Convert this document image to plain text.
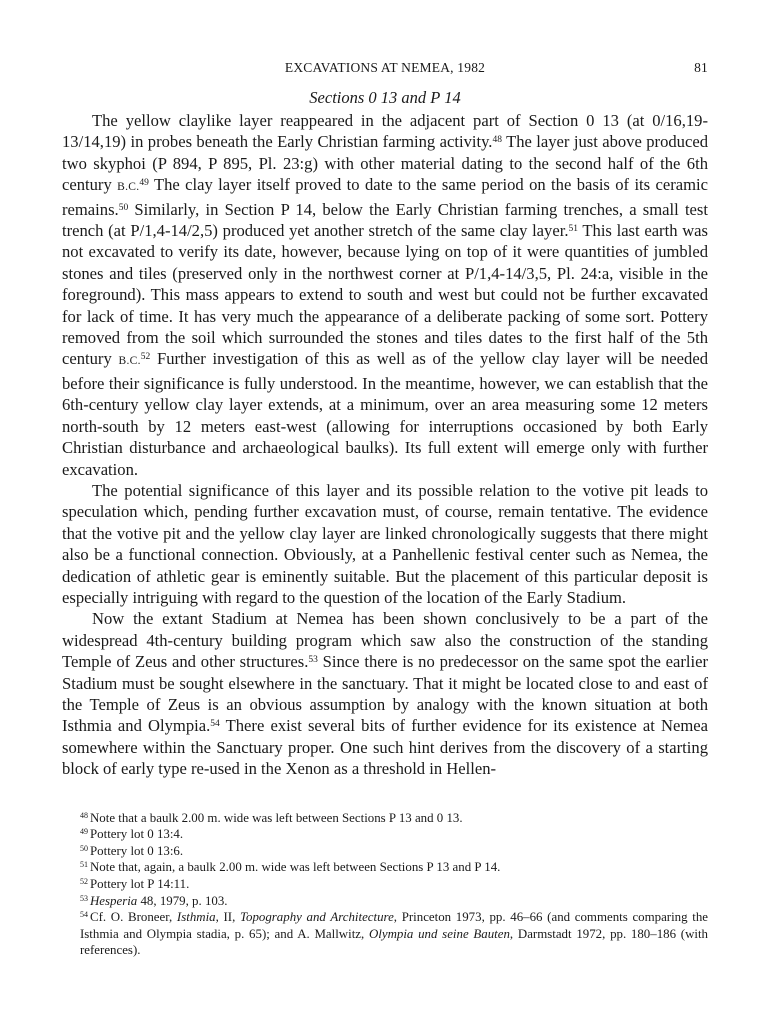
EXCAVATIONS AT NEMEA, 1982	81
Sections 0 13 and P 14

The yellow claylike layer reappeared in the adjacent part of Section 0 13 (at 0/16,19-13/14,19) in probes beneath the Early Christian farming activity.$^{48}$ The layer just above produced two skyphoi (P 894, P 895, Pl. 23:g) with other material dating to the second half of the 6th century B.C.$^{49}$ The clay layer itself proved to date to the same period on the basis of its ceramic remains.$^{50}$ Similarly, in Section P 14, below the Early Christian farming trenches, a small test trench (at P/1,4-14/2,5) produced yet another stretch of the same clay layer.$^{51}$ This last earth was not excavated to verify its date, however, because lying on top of it were quantities of jumbled stones and tiles (preserved only in the northwest corner at P/1,4-14/3,5, Pl. 24:a, visible in the foreground). This mass appears to extend to south and west but could not be further excavated for lack of time. It has very much the appearance of a deliberate packing of some sort. Pottery removed from the soil which surrounded the stones and tiles dates to the first half of the 5th century B.C.$^{52}$ Further investigation of this as well as of the yellow clay layer will be needed before their significance is fully understood. In the meantime, however, we can establish that the 6th-century yellow clay layer extends, at a minimum, over an area measuring some 12 meters north-south by 12 meters east-west (allowing for interruptions occasioned by both Early Christian disturbance and archaeological baulks). Its full extent will emerge only with further excavation.

The potential significance of this layer and its possible relation to the votive pit leads to speculation which, pending further excavation must, of course, remain tentative. The evidence that the votive pit and the yellow clay layer are linked chronologically suggests that there might also be a functional connection. Obviously, at a Panhellenic festival center such as Nemea, the dedication of athletic gear is eminently suitable. But the placement of this particular deposit is especially intriguing with regard to the question of the location of the Early Stadium.

Now the extant Stadium at Nemea has been shown conclusively to be a part of the widespread 4th-century building program which saw also the construction of the standing Temple of Zeus and other structures.$^{53}$ Since there is no predecessor on the same spot the earlier Stadium must be sought elsewhere in the sanctuary. That it might be located close to and east of the Temple of Zeus is an obvious assumption by analogy with the known situation at both Isthmia and Olympia.$^{54}$ There exist several bits of further evidence for its existence at Nemea somewhere within the Sanctuary proper. One such hint derives from the discovery of a starting block of early type re-used in the Xenon as a threshold in Hellen-

$^{48}$ Note that a baulk 2.00 m. wide was left between Sections P 13 and 0 13.
$^{49}$ Pottery lot 0 13:4.
$^{50}$ Pottery lot 0 13:6.
$^{51}$ Note that, again, a baulk 2.00 m. wide was left between Sections P 13 and P 14.
$^{52}$ Pottery lot P 14:11.
$^{53}$ Hesperia 48, 1979, p. 103.
$^{54}$ Cf. O. Broneer, Isthmia, II, Topography and Architecture, Princeton 1973, pp. 46–66 (and comments comparing the Isthmia and Olympia stadia, p. 65); and A. Mallwitz, Olympia und seine Bauten, Darmstadt 1972, pp. 180–186 (with references).
